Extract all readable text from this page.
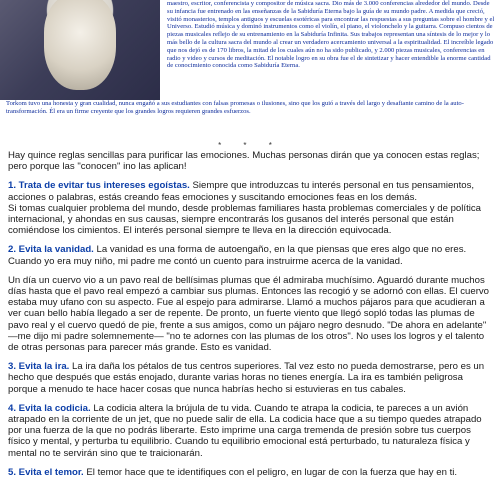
maestro, escritor, conferencista y compositor de música sacra. Dio más de 3.000 conferencias alrededor del mundo. Desde su infancia fue entrenado en las enseñanzas de la Sabiduría Eterna bajo la guía de su mundo padre. A medida que creció, visitó monasterios, templos antiguos y escuelas esotéricas para encontrar las respuestas a sus preguntas sobre el hombre y el Universo. Estudió música y dominó instrumentos como el violín, el piano, el violonchelo y la guitarra. Compuso cientos de piezas musicales reflejo de su entrenamiento en la Sabiduría Infinita. Sus trabajos representan una síntesis de lo mejor y lo más bello de la cultura sacra del mundo al crear un verdadero acercamiento universal a la espiritualidad. El increíble legado que nos dejó es de 170 libros, la mitad de los cuales aún no ha sido publicado, y 2.000 piezas musicales, conferencias en radio y video y cursos de meditación. El notable logro en su obra fue el de sintetizar y hacer entendible la enorme cantidad de conocimiento conocida como Sabiduría Eterna.
Torkom tuvo una honesta y gran cualidad, nunca engañó a sus estudiantes con falsas promesas o ilusiones, sino que los guió a través del largo y desafiante camino de la auto-transformación. Él era un firme creyente que los grandes logros requieren grandes esfuerzos.
* * *

Hay quince reglas sencillas para purificar las emociones. Muchas personas dirán que ya conocen estas reglas; pero porque las "conocen" ino las aplican!

1. Trata de evitar tus intereses egoístas. Siempre que introduzcas tu interés personal en tus pensamientos, acciones o palabras, estás creando feas emociones y suscitando emociones feas en los demás.
Si tomas cualquier problema del mundo, desde problemas familiares hasta problemas comerciales y de política internacional, y ahondas en sus causas, siempre encontrarás los gusanos del interés personal que están comiéndose los cimientos. El interés personal siempre te lleva en la dirección equivocada.

2. Evita la vanidad. La vanidad es una forma de autoengaño, en la que piensas que eres algo que no eres. Cuando yo era muy niño, mi padre me contó un cuento para instruirme acerca de la vanidad.

Un día un cuervo vio a un pavo real de bellísimas plumas que él admiraba muchísimo. Aguardó durante muchos días hasta que el pavo real empezó a cambiar sus plumas. Entonces las recogió y se adornó con ellas. El cuervo estaba muy ufano con su aspecto. Fue al espejo para admirarse. Llamó a muchos pájaros para que acudieran a ver cuan bello había llegado a ser de repente. De pronto, un fuerte viento que llegó sopló todas las plumas de pavo real y el cuervo quedó de pie, frente a sus amigos, como un pájaro negro desnudo. "De ahora en adelante" —me dijo mi padre solemnemente— "no te adornes con las plumas de los otros". No uses los logros y el talento de otras personas para parecer más grande. Esto es vanidad.

3. Evita la ira. La ira daña los pétalos de tus centros superiores. Tal vez esto no pueda demostrarse, pero es un hecho que después que estás enojado, durante varias horas no tienes energía. La ira es también peligrosa porque a menudo te hace hacer cosas que nunca habrías hecho si estuvieras en tus cabales.

4. Evita la codicia. La codicia altera la brújula de tu vida. Cuando te atrapa la codicia, te pareces a un avión atrapado en la corriente de un jet, que no puede salir de ella. La codicia hace que a su tiempo quedes atrapado por una fuerza de la que no podrás liberarte. Esto imprime una carga tremenda de presión sobre tus cuerpos físico y mental, y perturba tu equilibrio. Cuando tu equilibrio emocional está perturbado, tu naturaleza física y mental no te servirán sino que te traicionarán.

5. Evita el temor. El temor hace que te identifiques con el peligro, en lugar de con la fuerza que hay en ti.
